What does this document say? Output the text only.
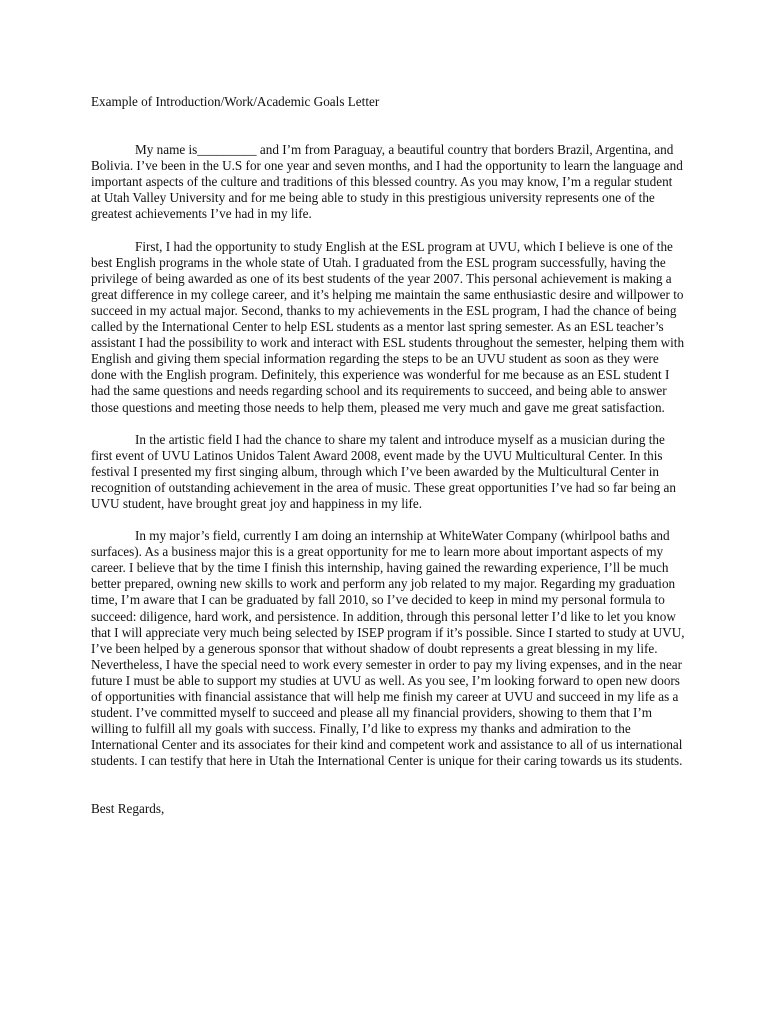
Example of Introduction/Work/Academic Goals Letter

My name is_________ and I’m from Paraguay, a beautiful country that borders Brazil, Argentina, and Bolivia. I’ve been in the U.S for one year and seven months, and I had the opportunity to learn the language and important aspects of the culture and traditions of this blessed country. As you may know, I’m a regular student at Utah Valley University and for me being able to study in this prestigious university represents one of the greatest achievements I’ve had in my life.

First, I had the opportunity to study English at the ESL program at UVU, which I believe is one of the best English programs in the whole state of Utah. I graduated from the ESL program successfully, having the privilege of being awarded as one of its best students of the year 2007. This personal achievement is making a great difference in my college career, and it’s helping me maintain the same enthusiastic desire and willpower to succeed in my actual major. Second, thanks to my achievements in the ESL program, I had the chance of being called by the International Center to help ESL students as a mentor last spring semester. As an ESL teacher’s assistant I had the possibility to work and interact with ESL students throughout the semester, helping them with English and giving them special information regarding the steps to be an UVU student as soon as they were done with the English program. Definitely, this experience was wonderful for me because as an ESL student I had the same questions and needs regarding school and its requirements to succeed, and being able to answer those questions and meeting those needs to help them, pleased me very much and gave me great satisfaction.

In the artistic field I had the chance to share my talent and introduce myself as a musician during the first event of UVU Latinos Unidos Talent Award 2008, event made by the UVU Multicultural Center. In this festival I presented my first singing album, through which I’ve been awarded by the Multicultural Center in recognition of outstanding achievement in the area of music. These great opportunities I’ve had so far being an UVU student, have brought great joy and happiness in my life.

In my major’s field, currently I am doing an internship at WhiteWater Company (whirlpool baths and surfaces). As a business major this is a great opportunity for me to learn more about important aspects of my career. I believe that by the time I finish this internship, having gained the rewarding experience, I’ll be much better prepared, owning new skills to work and perform any job related to my major. Regarding my graduation time, I’m aware that I can be graduated by fall 2010, so I’ve decided to keep in mind my personal formula to succeed: diligence, hard work, and persistence. In addition, through this personal letter I’d like to let you know that I will appreciate very much being selected by ISEP program if it’s possible. Since I started to study at UVU, I’ve been helped by a generous sponsor that without shadow of doubt represents a great blessing in my life. Nevertheless, I have the special need to work every semester in order to pay my living expenses, and in the near future I must be able to support my studies at UVU as well. As you see, I’m looking forward to open new doors of opportunities with financial assistance that will help me finish my career at UVU and succeed in my life as a student. I’ve committed myself to succeed and please all my financial providers, showing to them that I’m willing to fulfill all my goals with success. Finally, I’d like to express my thanks and admiration to the International Center and its associates for their kind and competent work and assistance to all of us international students. I can testify that here in Utah the International Center is unique for their caring towards us its students.

Best Regards,
